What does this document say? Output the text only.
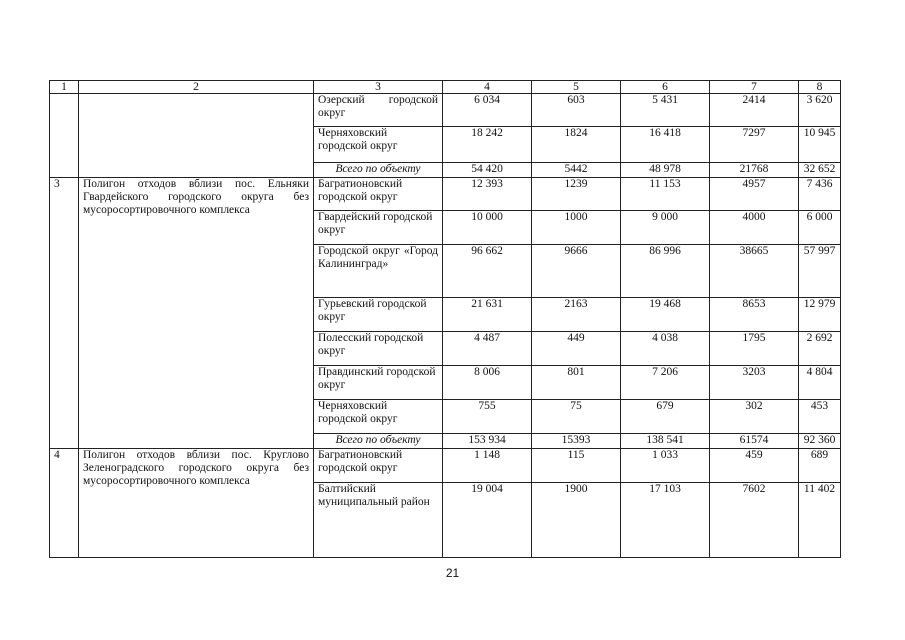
1	2	3	4	5	6	7	8
		Озерский городской округ	6 034	603	5 431	2414	3 620
		Черняховский городской округ	18 242	1824	16 418	7297	10 945
		Всего по объекту	54 420	5442	48 978	21768	32 652
3	Полигон отходов вблизи пос. Ельняки Гвардейского городского округа без мусоросортировочного комплекса	Багратионовский городской округ	12 393	1239	11 153	4957	7 436
		Гвардейский городской округ	10 000	1000	9 000	4000	6 000
		Городской округ «Город Калининград»	96 662	9666	86 996	38665	57 997
		Гурьевский городской округ	21 631	2163	19 468	8653	12 979
		Полесский городской округ	4 487	449	4 038	1795	2 692
		Правдинский городской округ	8 006	801	7 206	3203	4 804
		Черняховский городской округ	755	75	679	302	453
		Всего по объекту	153 934	15393	138 541	61574	92 360
4	Полигон отходов вблизи пос. Круглово Зеленоградского городского округа без мусоросортировочного комплекса	Багратионовский городской округ	1 148	115	1 033	459	689
		Балтийский муниципальный район	19 004	1900	17 103	7602	11 402
21
